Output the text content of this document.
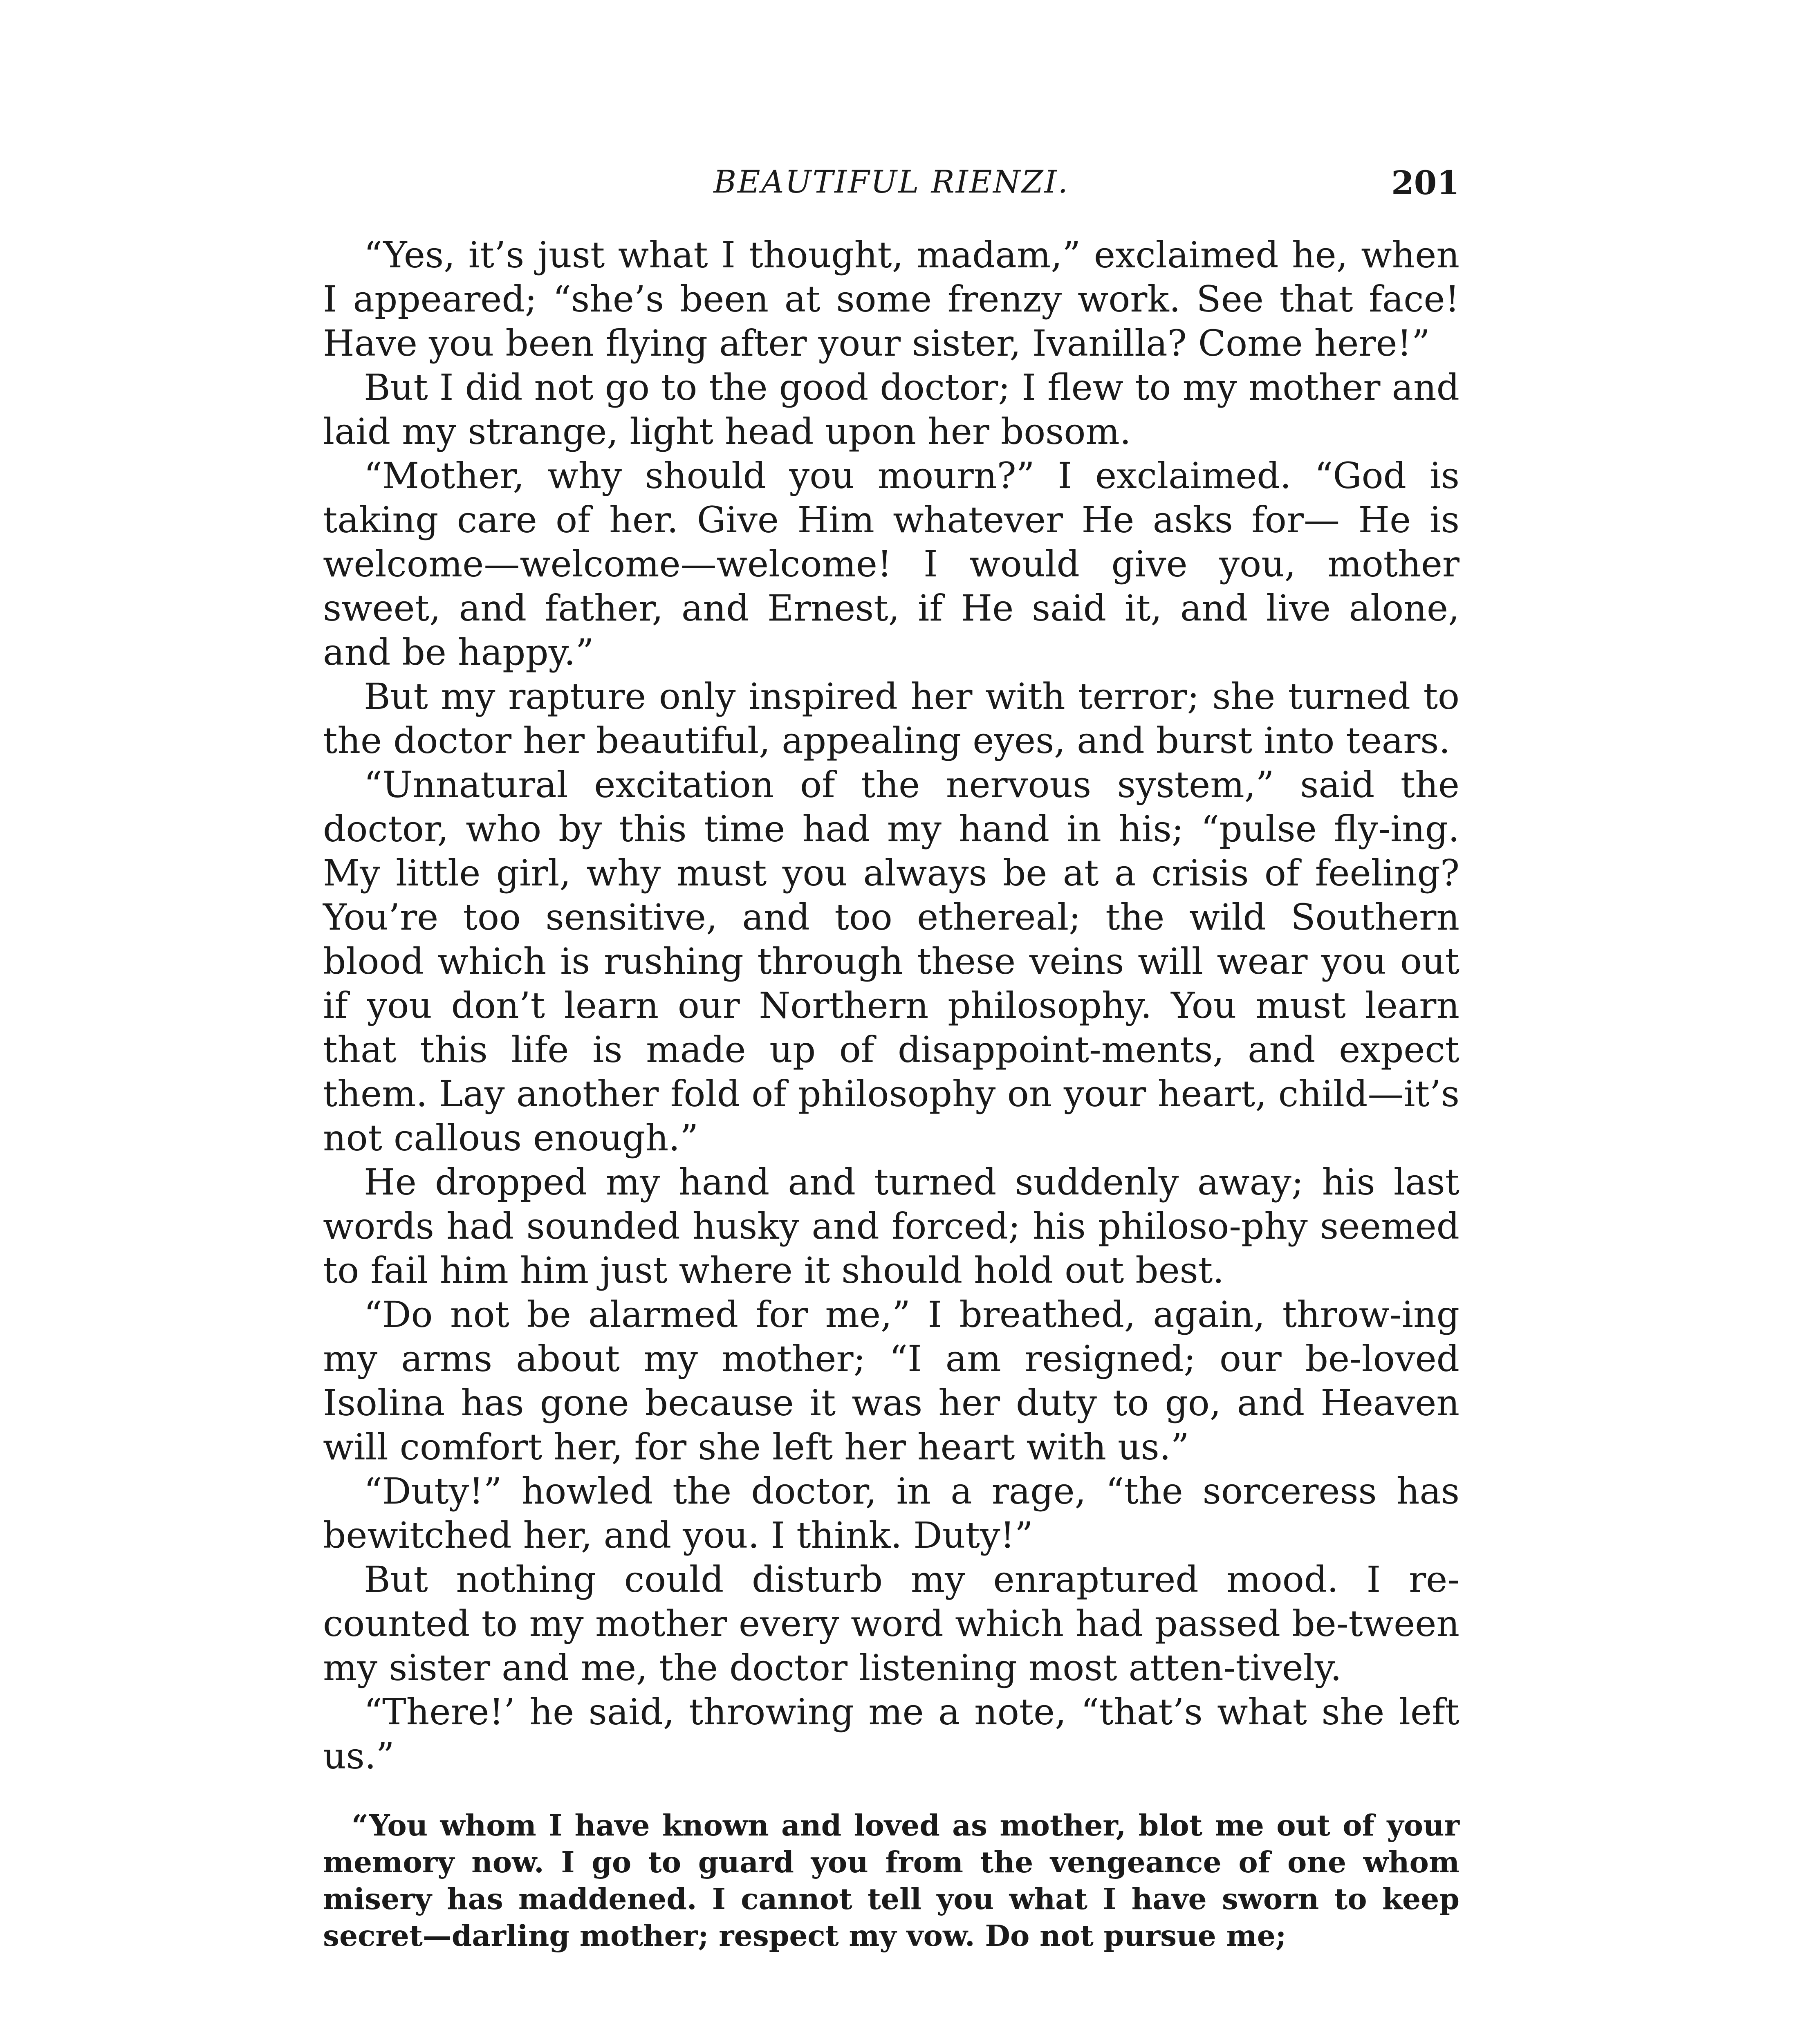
BEAUTIFUL RIENZI.	201

“Yes, it’s just what I thought, madam,” exclaimed he, when I appeared; “she’s been at some frenzy work. See that face! Have you been flying after your sister, Ivanilla? Come here!”

But I did not go to the good doctor; I flew to my mother and laid my strange, light head upon her bosom.

“Mother, why should you mourn?” I exclaimed. “God is taking care of her. Give Him whatever He asks for— He is welcome—welcome—welcome! I would give you, mother sweet, and father, and Ernest, if He said it, and live alone, and be happy.”

But my rapture only inspired her with terror; she turned to the doctor her beautiful, appealing eyes, and burst into tears.

“Unnatural excitation of the nervous system,” said the doctor, who by this time had my hand in his; “pulse fly-ing. My little girl, why must you always be at a crisis of feeling? You’re too sensitive, and too ethereal; the wild Southern blood which is rushing through these veins will wear you out if you don’t learn our Northern philosophy. You must learn that this life is made up of disappoint-ments, and expect them. Lay another fold of philosophy on your heart, child—it’s not callous enough.”

He dropped my hand and turned suddenly away; his last words had sounded husky and forced; his philoso-phy seemed to fail him him just where it should hold out best.

“Do not be alarmed for me,” I breathed, again, throw-ing my arms about my mother; “I am resigned; our be-loved Isolina has gone because it was her duty to go, and Heaven will comfort her, for she left her heart with us.”

“Duty!” howled the doctor, in a rage, “the sorceress has bewitched her, and you. I think. Duty!”

But nothing could disturb my enraptured mood. I re-counted to my mother every word which had passed be-tween my sister and me, the doctor listening most atten-tively.

“There!’ he said, throwing me a note, “that’s what she left us.”

“You whom I have known and loved as mother, blot me out of your memory now. I go to guard you from the vengeance of one whom misery has maddened. I cannot tell you what I have sworn to keep secret—darling mother; respect my vow. Do not pursue me;
